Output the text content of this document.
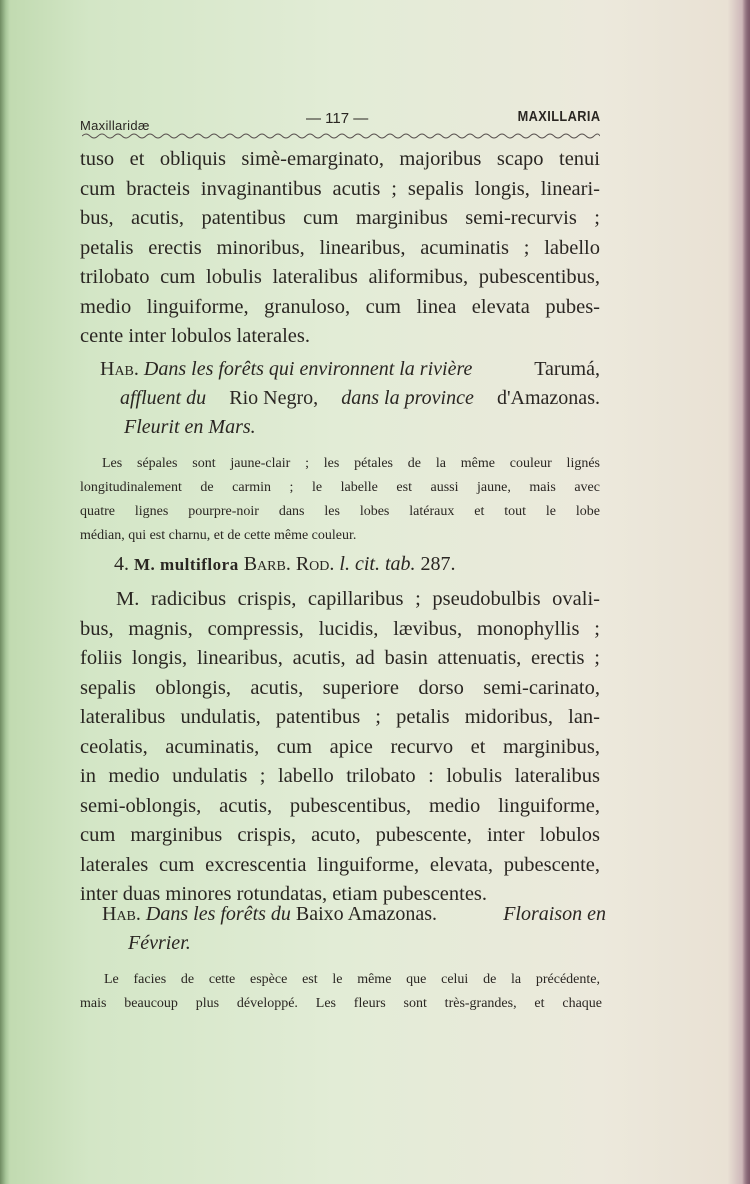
Maxillaridæ	— 117 —	MAXILLARIA
tuso et obliquis simè-emarginato, majoribus scapo tenui
cum bracteis invaginantibus acutis ; sepalis longis, lineari-
bus, acutis, patentibus cum marginibus semi-recurvis ;
petalis erectis minoribus, linearibus, acuminatis ; labello
trilobato cum lobulis lateralibus aliformibus, pubescentibus,
medio linguiforme, granuloso, cum linea elevata pubes-
cente inter lobulos laterales.
Hab. Dans les forêts qui environnent la rivière	Tarumá,
affluent du Rio Negro, dans la province d'Amazonas.
Fleurit en Mars.
Les sépales sont jaune-clair ; les pétales de la même couleur lignés
longitudinalement de carmin ; le labelle est aussi jaune, mais avec
quatre lignes pourpre-noir dans les lobes latéraux et tout le lobe
médian, qui est charnu, et de cette même couleur.
4. M. multiflora Barb. Rod. l. cit. tab. 287.
M. radicibus crispis, capillaribus ; pseudobulbis ovali-
bus, magnis, compressis, lucidis, lævibus, monophyllis ;
foliis longis, linearibus, acutis, ad basin attenuatis, erectis ;
sepalis oblongis, acutis, superiore dorso semi-carinato,
lateralibus undulatis, patentibus ; petalis midoribus, lan-
ceolatis, acuminatis, cum apice recurvo et marginibus,
in medio undulatis ; labello trilobato : lobulis lateralibus
semi-oblongis, acutis, pubescentibus, medio linguiforme,
cum marginibus crispis, acuto, pubescente, inter lobulos
laterales cum excrescentia linguiforme, elevata, pubescente,
inter duas minores rotundatas, etiam pubescentes.
Hab. Dans les forêts du Baixo Amazonas.	Floraison en
Février.
Le facies de cette espèce est le même que celui de la précédente,
mais beaucoup plus développé. Les fleurs sont très-grandes, et chaque
